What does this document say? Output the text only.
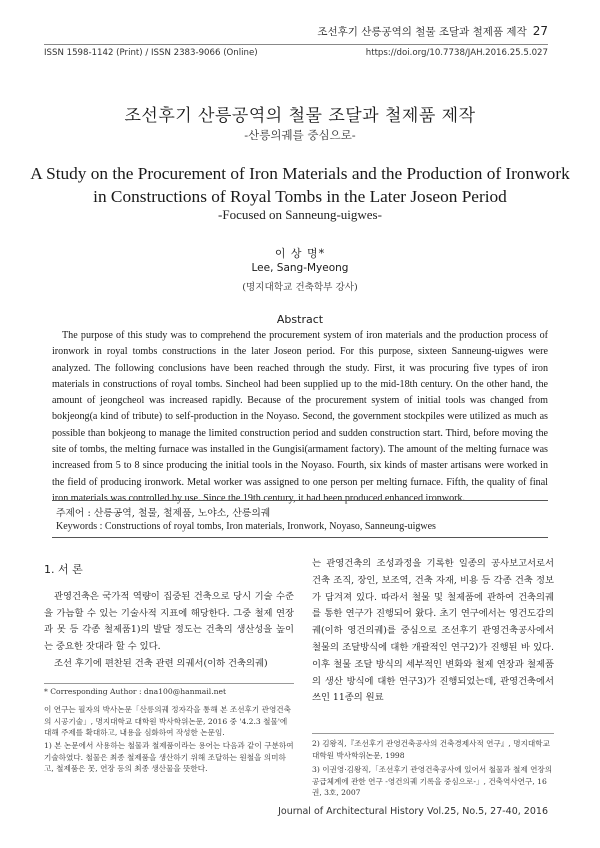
조선후기 산릉공역의 철물 조달과 철제품 제작 27
ISSN 1598-1142 (Print) / ISSN 2383-9066 (Online)	https://doi.org/10.7738/JAH.2016.25.5.027
조선후기 산릉공역의 철물 조달과 철제품 제작
-산릉의궤를 중심으로-
A Study on the Procurement of Iron Materials and the Production of Ironwork in Constructions of Royal Tombs in the Later Joseon Period
-Focused on Sanneung-uigwes-
이 상 명*
Lee, Sang-Myeong
(명지대학교 건축학부 강사)
Abstract
The purpose of this study was to comprehend the procurement system of iron materials and the production process of ironwork in royal tombs constructions in the later Joseon period. For this purpose, sixteen Sanneung-uigwes were analyzed. The following conclusions have been reached through the study. First, it was procuring five types of iron materials in constructions of royal tombs. Sincheol had been supplied up to the mid-18th century. On the other hand, the amount of jeongcheol was increased rapidly. Because of the procurement system of initial tools was changed from bokjeong(a kind of tribute) to self-production in the Noyaso. Second, the government stockpiles were utilized as much as possible than bokjeong to manage the limited construction period and sudden construction start. Third, before moving the site of tombs, the melting furnace was installed in the Gungisi(armament factory). The amount of the melting furnace was increased from 5 to 8 since producing the initial tools in the Noyaso. Fourth, six kinds of master artisans were worked in the field of producing ironwork. Metal worker was assigned to one person per melting furnace. Fifth, the quality of final iron materials was controlled by use. Since the 19th century, it had been produced enhanced ironwork.
주제어 : 산릉공역, 철물, 철제품, 노야소, 산릉의궤
Keywords : Constructions of royal tombs, Iron materials, Ironwork, Noyaso, Sanneung-uigwes
1. 서 론

관영건축은 국가적 역량이 집중된 건축으로 당시 기술 수준을 가늠할 수 있는 기술사적 지표에 해당한다. 그중 철제 연장과 못 등 각종 철제품1)의 발달 정도는 건축의 생산성을 높이는 중요한 잣대라 할 수 있다.

조선 후기에 편찬된 건축 관련 의궤서(이하 건축의궤)

는 관영건축의 조성과정을 기록한 일종의 공사보고서로서 건축 조직, 장인, 보조역, 건축 자재, 비용 등 각종 건축 정보가 담겨져 있다. 따라서 철물 및 철제품에 관하여 건축의궤를 통한 연구가 진행되어 왔다. 초기 연구에서는 영건도감의궤(이하 영건의궤)를 중심으로 조선후기 관영건축공사에서 철물의 조달방식에 대한 개괄적인 연구2)가 진행된 바 있다. 이후 철물 조달 방식의 세부적인 변화와 철제 연장과 철제품의 생산 방식에 대한 연구3)가 진행되었는데, 관영건축에서 쓰인 11종의 원료

* Corresponding Author : dna100@hanmail.net
이 연구는 필자의 박사논문「산릉의궤 정자각을 통해 본 조선후기 관영건축의 시공기술」, 명지대학교 대학원 박사학위논문, 2016 중 '4.2.3 철물'에 대해 주제를 확대하고, 내용을 심화하여 작성한 논문임.
1) 본 논문에서 사용하는 철물과 철제품이라는 용어는 다음과 같이 구분하여 기술하였다. 철물은 최종 철제품을 생산하기 위해 조달하는 원철을 의미하고, 철제품은 못, 연장 등의 최종 생산물을 뜻한다.
2) 김왕직,『조선후기 관영건축공사의 건축경제사적 연구』, 명지대학교 대학원 박사학위논문, 1998
3) 이권영·김왕직,「조선후기 관영건축공사에 있어서 철물과 철제 연장의 공급체계에 관한 연구 -영건의궤 기록을 중심으로-」, 건축역사연구, 16권, 3호, 2007
Journal of Architectural History Vol.25, No.5, 27-40, 2016
